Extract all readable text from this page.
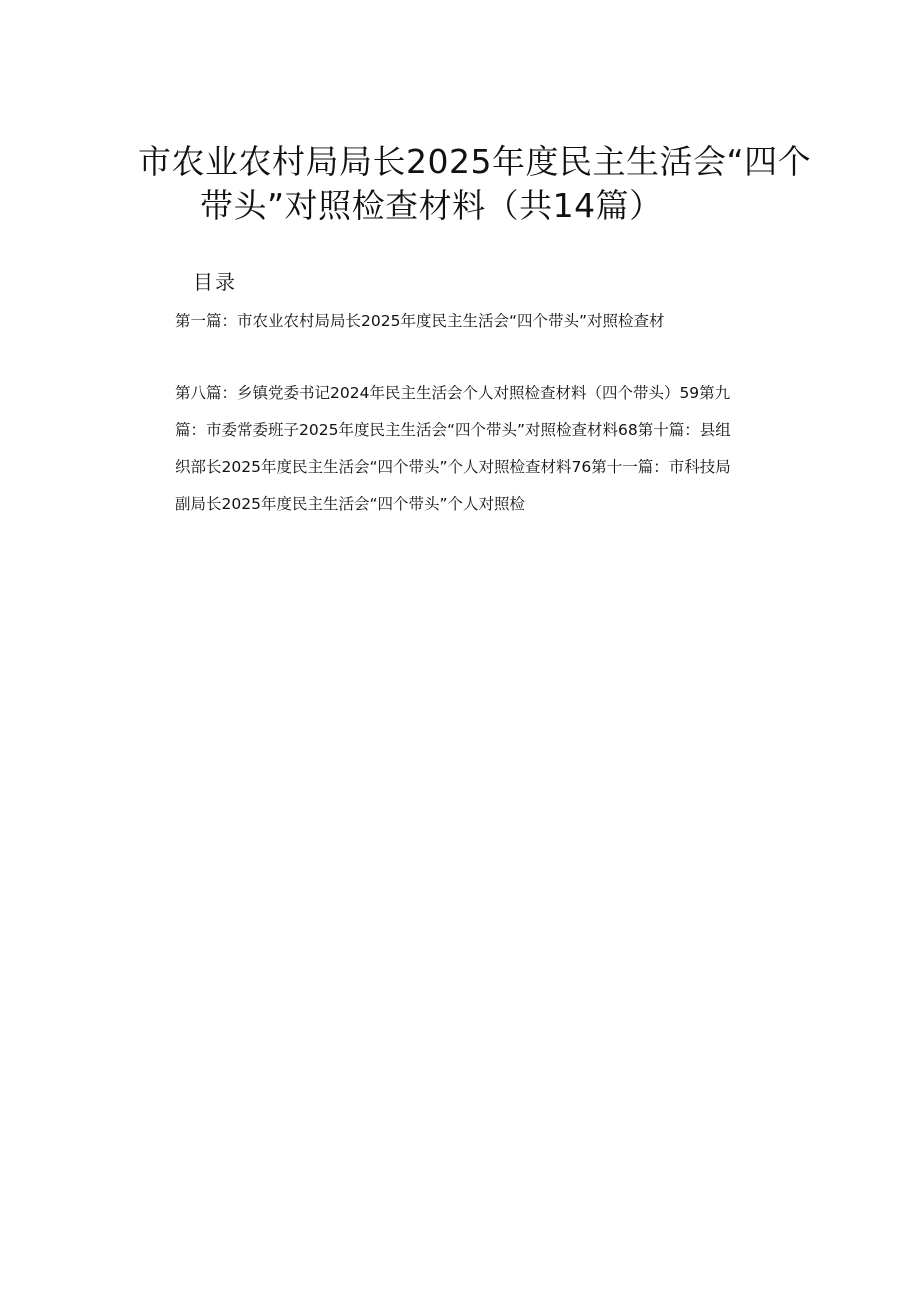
市农业农村局局长2025年度民主生活会“四个
带头”对照检查材料（共14篇）
目录
第一篇：市农业农村局局长2025年度民主生活会“四个带头”对照检查材
第八篇：乡镇党委书记2024年民主生活会个人对照检查材料（四个带头）59第九
篇：市委常委班子2025年度民主生活会“四个带头”对照检查材料68第十篇：县组
织部长2025年度民主生活会“四个带头”个人对照检查材料76第十一篇：市科技局
副局长2025年度民主生活会“四个带头”个人对照检
